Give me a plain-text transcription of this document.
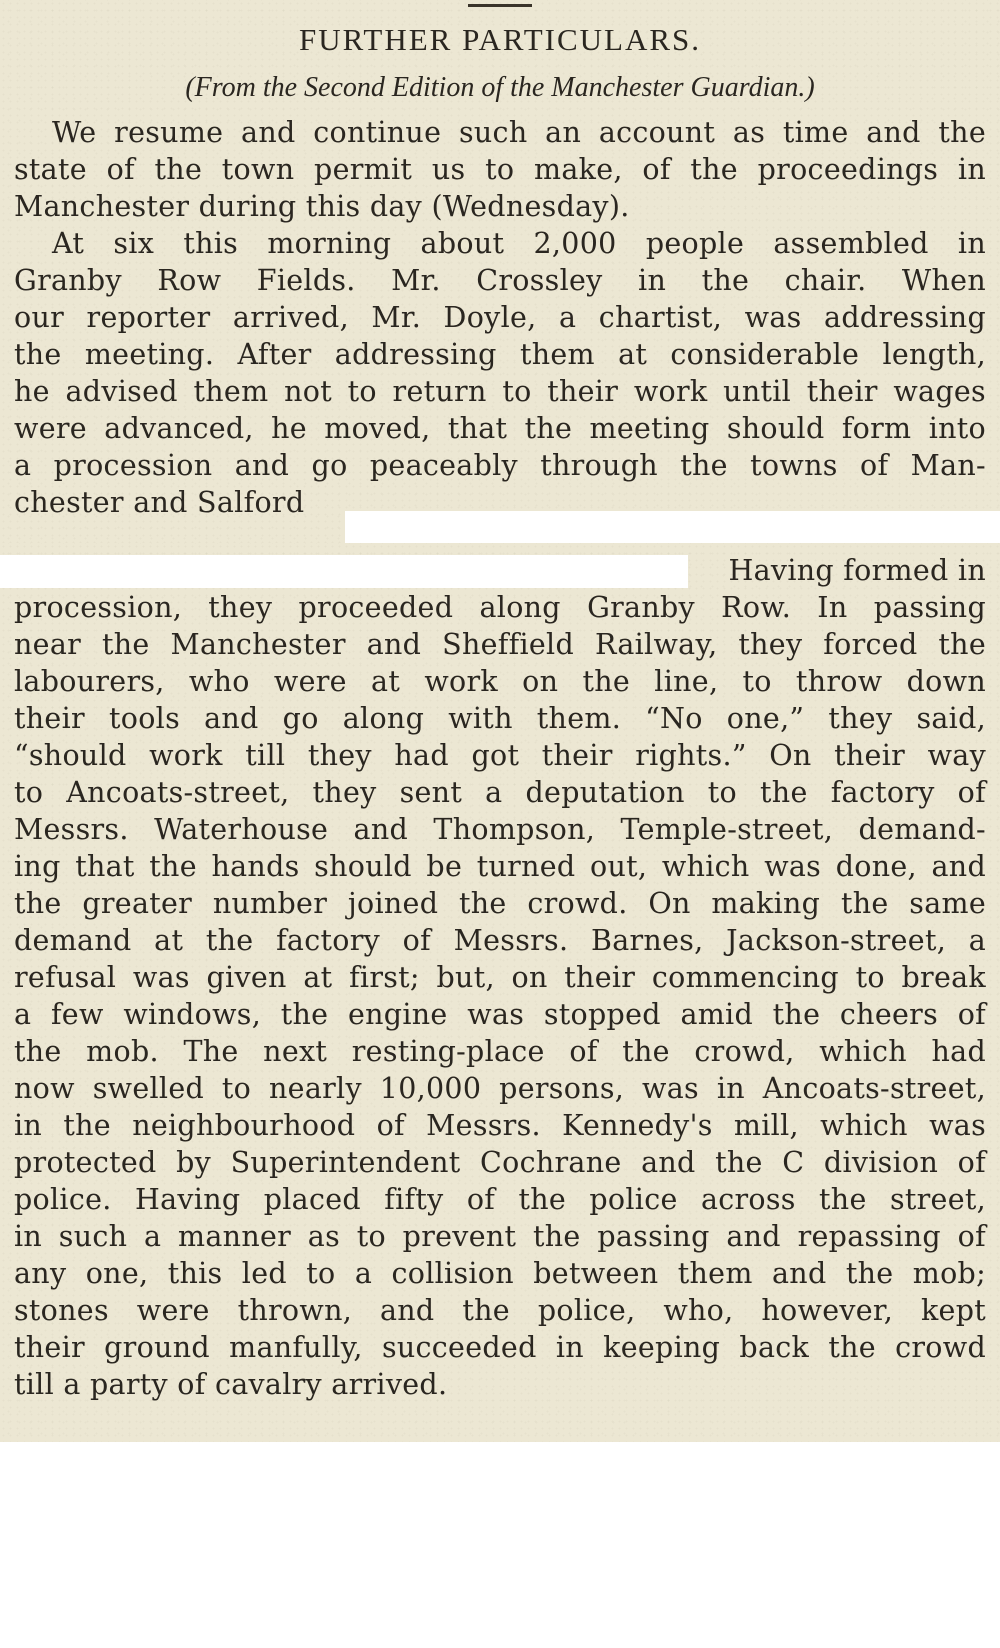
FURTHER PARTICULARS.
(From the Second Edition of the Manchester Guardian.)

We resume and continue such an account as time and the

state of the town permit us to make, of the proceedings in

Manchester during this day (Wednesday).

At six this morning about 2,000 people assembled in

Granby Row Fields. Mr. Crossley in the chair. When

our reporter arrived, Mr. Doyle, a chartist, was addressing

the meeting. After addressing them at considerable length,

he advised them not to return to their work until their wages

were advanced, he moved, that the meeting should form into

a procession and go peaceably through the towns of Man-

chester and Salford

Having formed in

procession, they proceeded along Granby Row. In passing

near the Manchester and Sheffield Railway, they forced the

labourers, who were at work on the line, to throw down

their tools and go along with them. “No one,” they said,

“should work till they had got their rights.” On their way

to Ancoats-street, they sent a deputation to the factory of

Messrs. Waterhouse and Thompson, Temple-street, demand-

ing that the hands should be turned out, which was done, and

the greater number joined the crowd. On making the same

demand at the factory of Messrs. Barnes, Jackson-street, a

refusal was given at first; but, on their commencing to break

a few windows, the engine was stopped amid the cheers of

the mob. The next resting-place of the crowd, which had

now swelled to nearly 10,000 persons, was in Ancoats-street,

in the neighbourhood of Messrs. Kennedy's mill, which was

protected by Superintendent Cochrane and the C division of

police. Having placed fifty of the police across the street,

in such a manner as to prevent the passing and repassing of

any one, this led to a collision between them and the mob;

stones were thrown, and the police, who, however, kept

their ground manfully, succeeded in keeping back the crowd

till a party of cavalry arrived.
